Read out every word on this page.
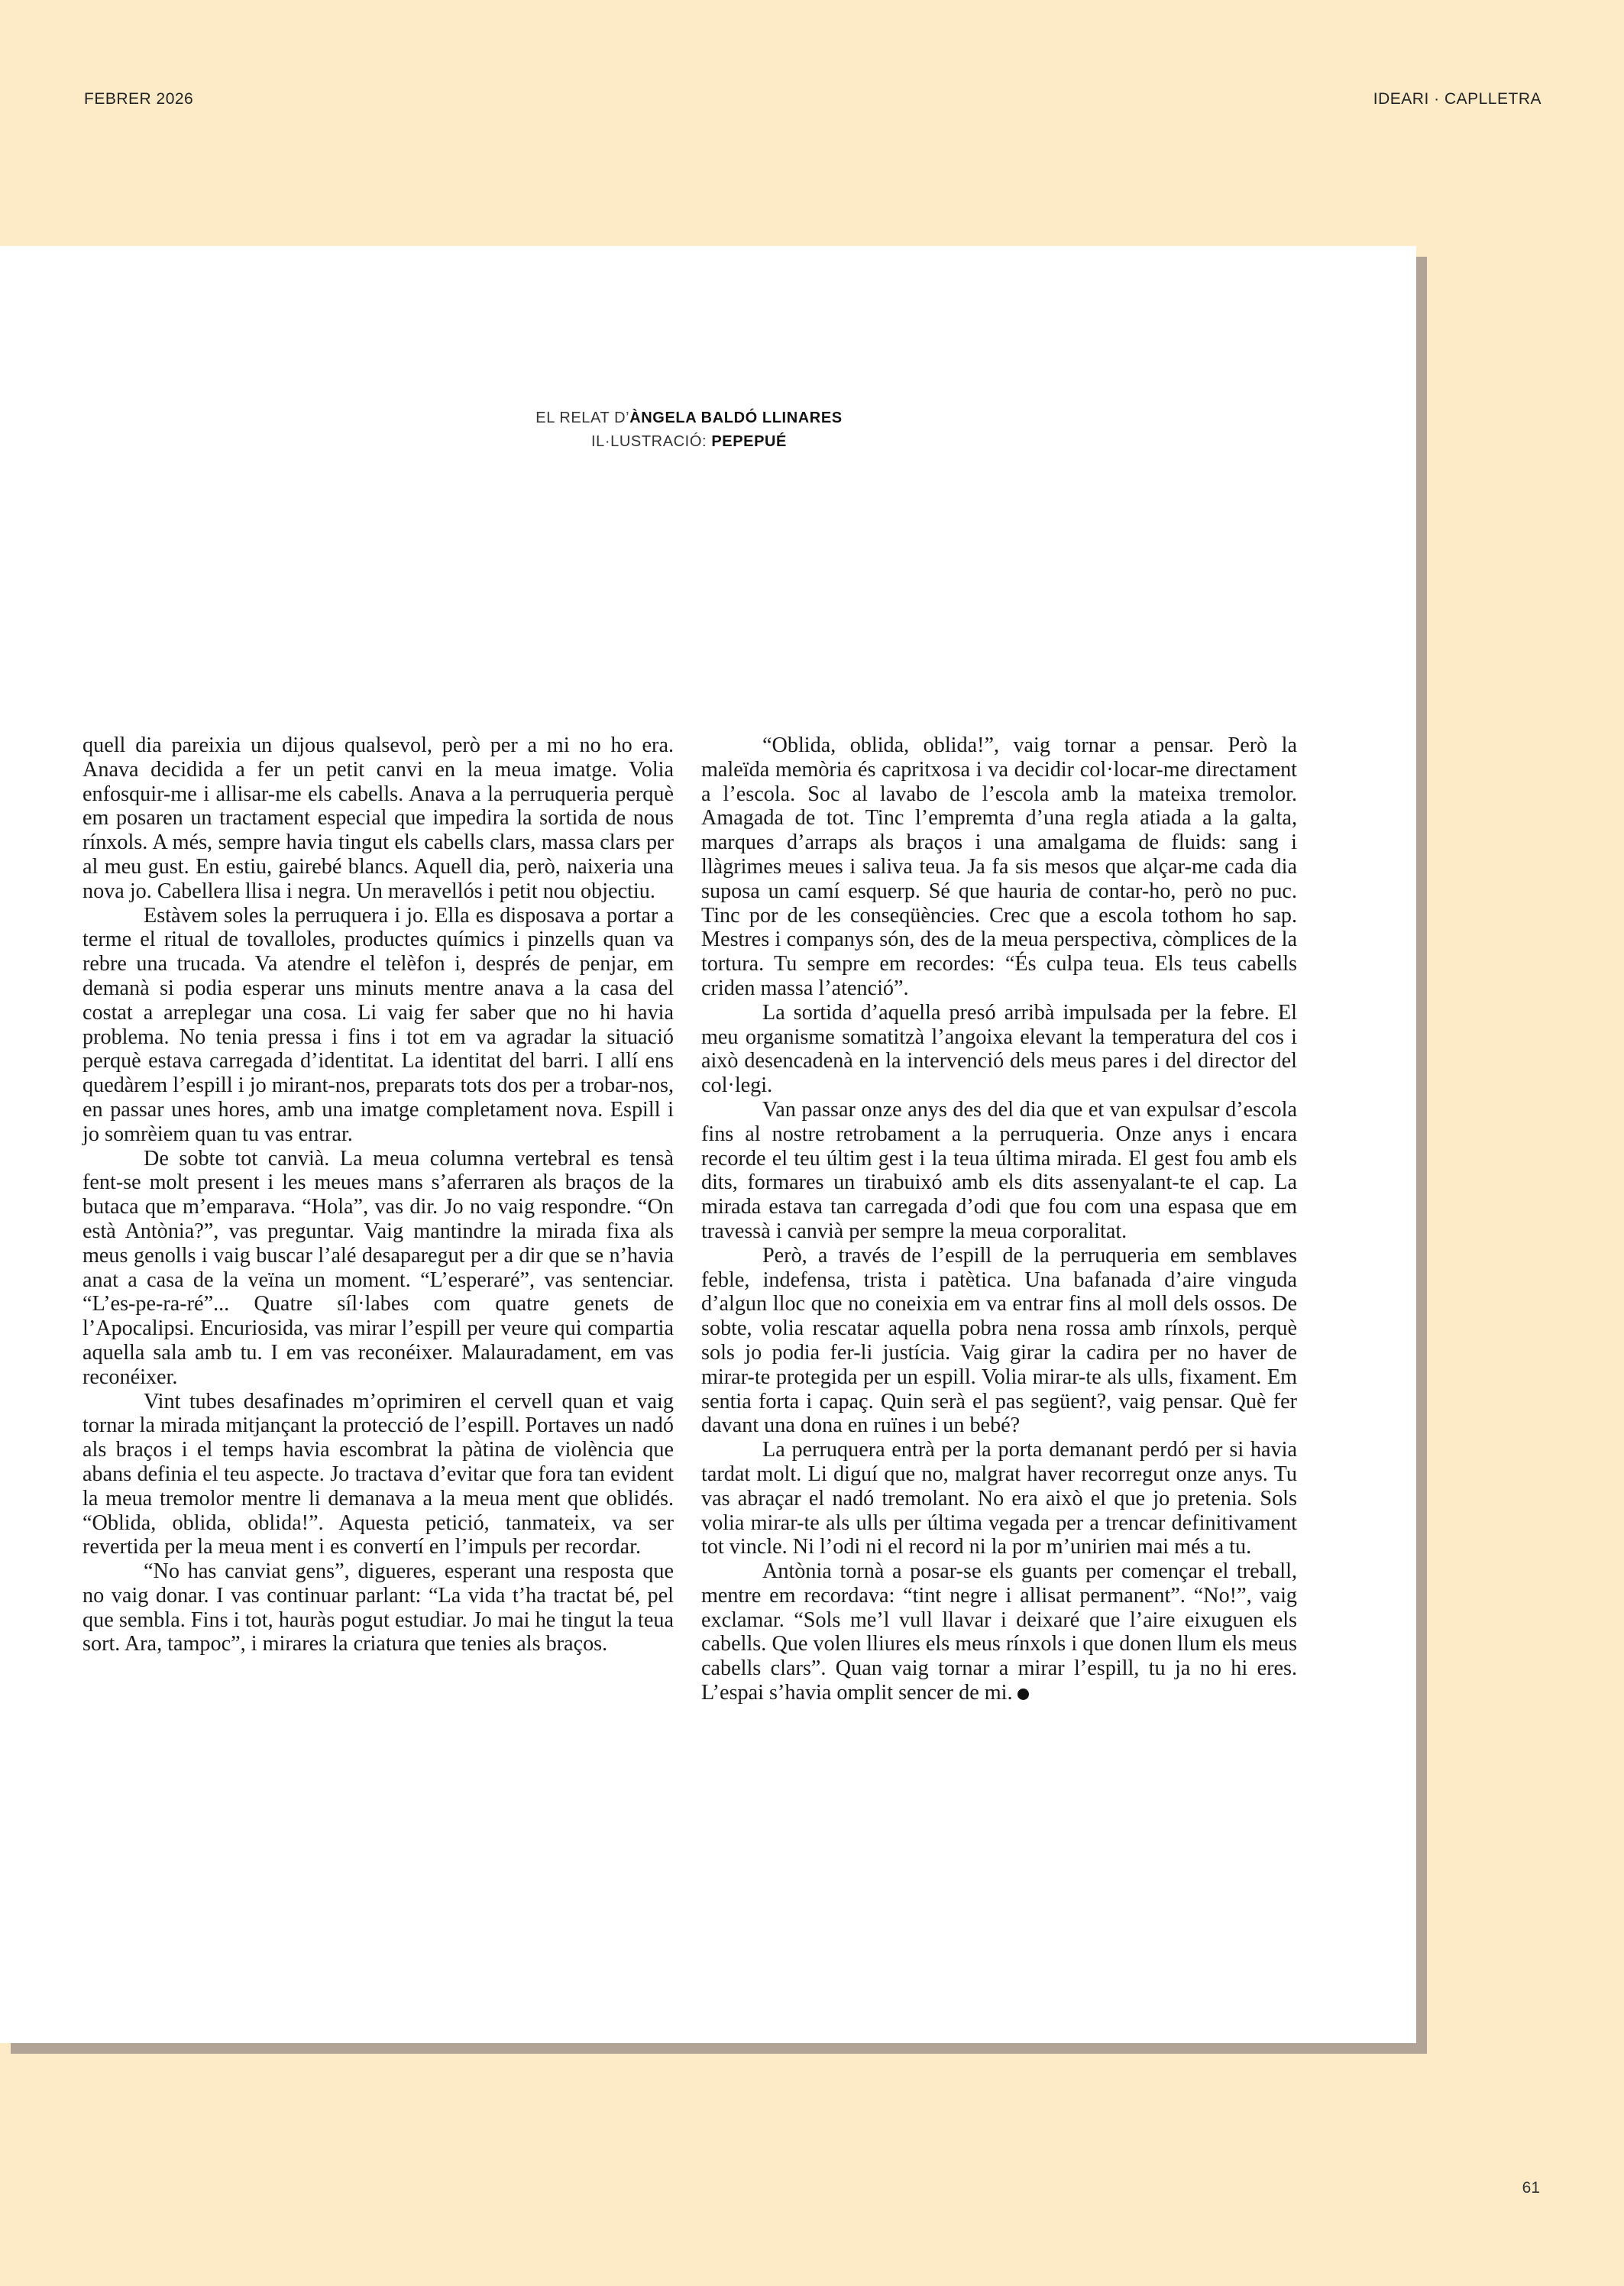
FEBRER 2026	IDEARI · CAPLLETRA
EL RELAT D’ÀNGELA BALDÓ LLINARES
IL·LUSTRACIÓ: PEPEPUÉ

quell dia pareixia un dijous qualsevol, però per a mi no ho era. Anava decidida a fer un petit canvi en la meua imatge. Volia enfosquir-me i allisar-me els cabells. Anava a la perruqueria perquè em posaren un tractament especial que impedira la sortida de nous rínxols. A més, sempre havia tingut els cabells clars, massa clars per al meu gust. En estiu, gairebé blancs. Aquell dia, però, naixeria una nova jo. Cabellera llisa i negra. Un meravellós i petit nou objectiu.

Estàvem soles la perruquera i jo. Ella es disposava a portar a terme el ritual de tovalloles, productes químics i pinzells quan va rebre una trucada. Va atendre el telèfon i, després de penjar, em demanà si podia esperar uns minuts mentre anava a la casa del costat a arreplegar una cosa. Li vaig fer saber que no hi havia problema. No tenia pressa i fins i tot em va agradar la situació perquè estava carregada d’identitat. La identitat del barri. I allí ens quedàrem l’espill i jo mirant-nos, preparats tots dos per a trobar-nos, en passar unes hores, amb una imatge completament nova. Espill i jo somrèiem quan tu vas entrar.

De sobte tot canvià. La meua columna vertebral es tensà fent-se molt present i les meues mans s’aferraren als braços de la butaca que m’emparava. “Hola”, vas dir. Jo no vaig respondre. “On està Antònia?”, vas preguntar. Vaig mantindre la mirada fixa als meus genolls i vaig buscar l’alé desaparegut per a dir que se n’havia anat a casa de la veïna un moment. “L’esperaré”, vas sentenciar. “L’es-pe-ra-ré”... Quatre síl·labes com quatre genets de l’Apocalipsi. Encuriosida, vas mirar l’espill per veure qui compartia aquella sala amb tu. I em vas reconéixer. Malauradament, em vas reconéixer.

Vint tubes desafinades m’oprimiren el cervell quan et vaig tornar la mirada mitjançant la protecció de l’espill. Portaves un nadó als braços i el temps havia escombrat la pàtina de violència que abans definia el teu aspecte. Jo tractava d’evitar que fora tan evident la meua tremolor mentre li demanava a la meua ment que oblidés. “Oblida, oblida, oblida!”. Aquesta petició, tanmateix, va ser revertida per la meua ment i es convertí en l’impuls per recordar.

“No has canviat gens”, digueres, esperant una resposta que no vaig donar. I vas continuar parlant: “La vida t’ha tractat bé, pel que sembla. Fins i tot, hauràs pogut estudiar. Jo mai he tingut la teua sort. Ara, tampoc”, i mirares la criatura que tenies als braços.

“Oblida, oblida, oblida!”, vaig tornar a pensar. Però la maleïda memòria és capritxosa i va decidir col·locar-me directament a l’escola. Soc al lavabo de l’escola amb la mateixa tremolor. Amagada de tot. Tinc l’empremta d’una regla atiada a la galta, marques d’arraps als braços i una amalgama de fluids: sang i llàgrimes meues i saliva teua. Ja fa sis mesos que alçar-me cada dia suposa un camí esquerp. Sé que hauria de contar-ho, però no puc. Tinc por de les conseqüències. Crec que a escola tothom ho sap. Mestres i companys són, des de la meua perspectiva, còmplices de la tortura. Tu sempre em recordes: “És culpa teua. Els teus cabells criden massa l’atenció”.

La sortida d’aquella presó arribà impulsada per la febre. El meu organisme somatitzà l’angoixa elevant la temperatura del cos i això desencadenà en la intervenció dels meus pares i del director del col·legi.

Van passar onze anys des del dia que et van expulsar d’escola fins al nostre retrobament a la perruqueria. Onze anys i encara recorde el teu últim gest i la teua última mirada. El gest fou amb els dits, formares un tirabuixó amb els dits assenyalant-te el cap. La mirada estava tan carregada d’odi que fou com una espasa que em travessà i canvià per sempre la meua corporalitat.

Però, a través de l’espill de la perruqueria em semblaves feble, indefensa, trista i patètica. Una bafanada d’aire vinguda d’algun lloc que no coneixia em va entrar fins al moll dels ossos. De sobte, volia rescatar aquella pobra nena rossa amb rínxols, perquè sols jo podia fer-li justícia. Vaig girar la cadira per no haver de mirar-te protegida per un espill. Volia mirar-te als ulls, fixament. Em sentia forta i capaç. Quin serà el pas següent?, vaig pensar. Què fer davant una dona en ruïnes i un bebé?

La perruquera entrà per la porta demanant perdó per si havia tardat molt. Li diguí que no, malgrat haver recorregut onze anys. Tu vas abraçar el nadó tremolant. No era això el que jo pretenia. Sols volia mirar-te als ulls per última vegada per a trencar definitivament tot vincle. Ni l’odi ni el record ni la por m’unirien mai més a tu.

Antònia tornà a posar-se els guants per començar el treball, mentre em recordava: “tint negre i allisat permanent”. “No!”, vaig exclamar. “Sols me’l vull llavar i deixaré que l’aire eixuguen els cabells. Que volen lliures els meus rínxols i que donen llum els meus cabells clars”. Quan vaig tornar a mirar l’espill, tu ja no hi eres. L’espai s’havia omplit sencer de mi.

61
